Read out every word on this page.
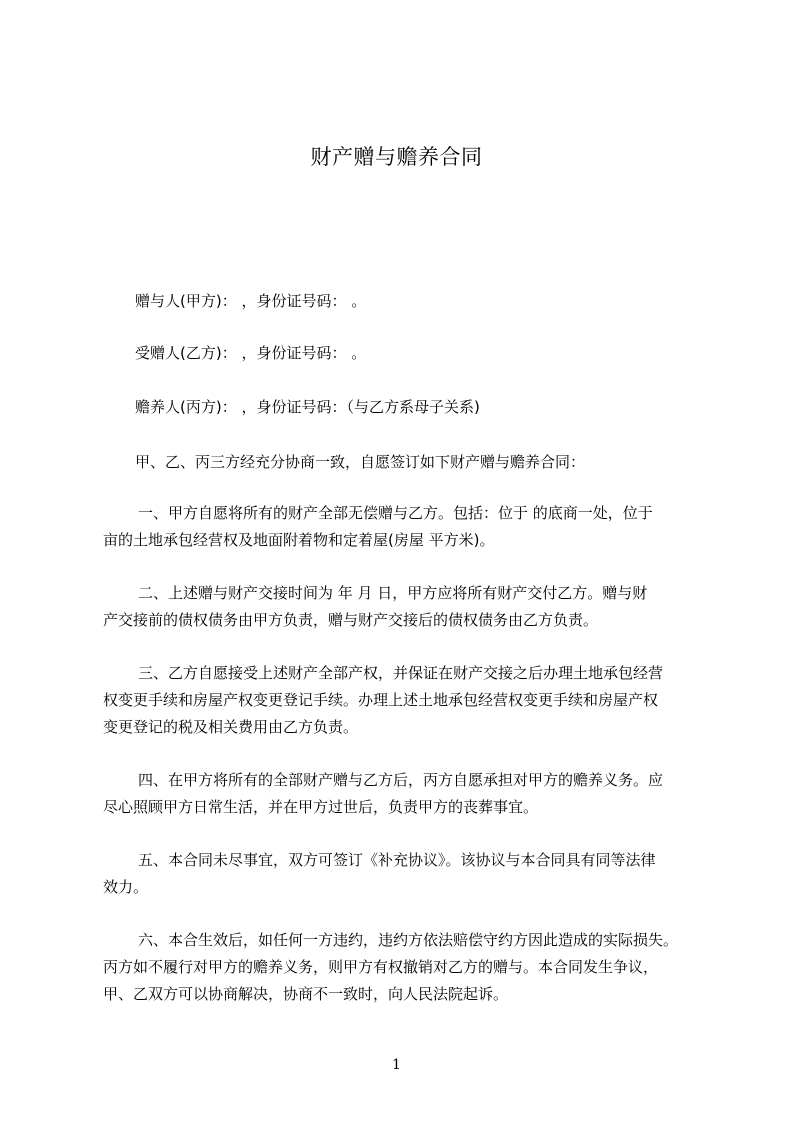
财产赠与赡养合同
赠与人(甲方)： ，身份证号码： 。
受赠人(乙方)： ，身份证号码： 。
赡养人(丙方)： ，身份证号码：（与乙方系母子关系)
甲、乙、丙三方经充分协商一致，自愿签订如下财产赠与赡养合同：
一、甲方自愿将所有的财产全部无偿赠与乙方。包括：位于 的底商一处，位于
亩的土地承包经营权及地面附着物和定着屋(房屋 平方米)。
二、上述赠与财产交接时间为 年 月 日，甲方应将所有财产交付乙方。赠与财
产交接前的债权债务由甲方负责，赠与财产交接后的债权债务由乙方负责。
三、乙方自愿接受上述财产全部产权，并保证在财产交接之后办理土地承包经营
权变更手续和房屋产权变更登记手续。办理上述土地承包经营权变更手续和房屋产权
变更登记的税及相关费用由乙方负责。
四、在甲方将所有的全部财产赠与乙方后，丙方自愿承担对甲方的赡养义务。应
尽心照顾甲方日常生活，并在甲方过世后，负责甲方的丧葬事宜。
五、本合同未尽事宜，双方可签订《补充协议》。该协议与本合同具有同等法律
效力。
六、本合生效后，如任何一方违约，违约方依法赔偿守约方因此造成的实际损失。
丙方如不履行对甲方的赡养义务，则甲方有权撤销对乙方的赠与。本合同发生争议，
甲、乙双方可以协商解决，协商不一致时，向人民法院起诉。
1
